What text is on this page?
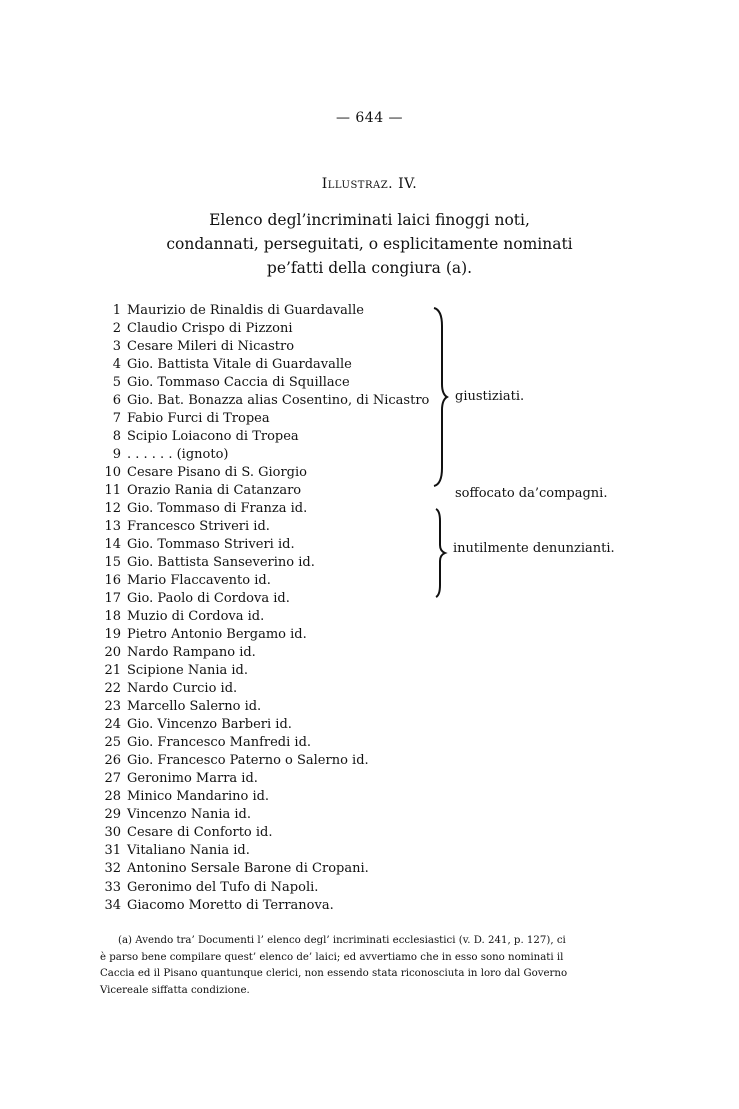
— 644 —
Illustraz. IV.
Elenco degl’incriminati laici finoggi noti,
condannati, perseguitati, o esplicitamente nominati
pe’fatti della congiura (a).
1 Maurizio de Rinaldis di Guardavalle
2 Claudio Crispo di Pizzoni
3 Cesare Mileri di Nicastro
4 Gio. Battista Vitale di Guardavalle
5 Gio. Tommaso Caccia di Squillace
6 Gio. Bat. Bonazza alias Cosentino, di Nicastro
7 Fabio Furci di Tropea
8 Scipio Loiacono di Tropea
9 . . . . . . (ignoto)
10 Cesare Pisano di S. Giorgio
11 Orazio Rania di Catanzaro
12 Gio. Tommaso di Franza id.
13 Francesco Striveri id.
14 Gio. Tommaso Striveri id.
15 Gio. Battista Sanseverino id.
16 Mario Flaccavento id.
17 Gio. Paolo di Cordova id.
18 Muzio di Cordova id.
19 Pietro Antonio Bergamo id.
20 Nardo Rampano id.
21 Scipione Nania id.
22 Nardo Curcio id.
23 Marcello Salerno id.
24 Gio. Vincenzo Barberi id.
25 Gio. Francesco Manfredi id.
26 Gio. Francesco Paterno o Salerno id.
27 Geronimo Marra id.
28 Minico Mandarino id.
29 Vincenzo Nania id.
30 Cesare di Conforto id.
31 Vitaliano Nania id.
32 Antonino Sersale Barone di Cropani.
33 Geronimo del Tufo di Napoli.
34 Giacomo Moretto di Terranova.
giustiziati.
soffocato da’compagni.
inutilmente denunzianti.

(a) Avendo tra’ Documenti l’ elenco degl’ incriminati ecclesiastici (v. D. 241, p. 127), ci

è parso bene compilare quest’ elenco de’ laici; ed avvertiamo che in esso sono nominati il

Caccia ed il Pisano quantunque clerici, non essendo stata riconosciuta in loro dal Governo

Vicereale siffatta condizione.
